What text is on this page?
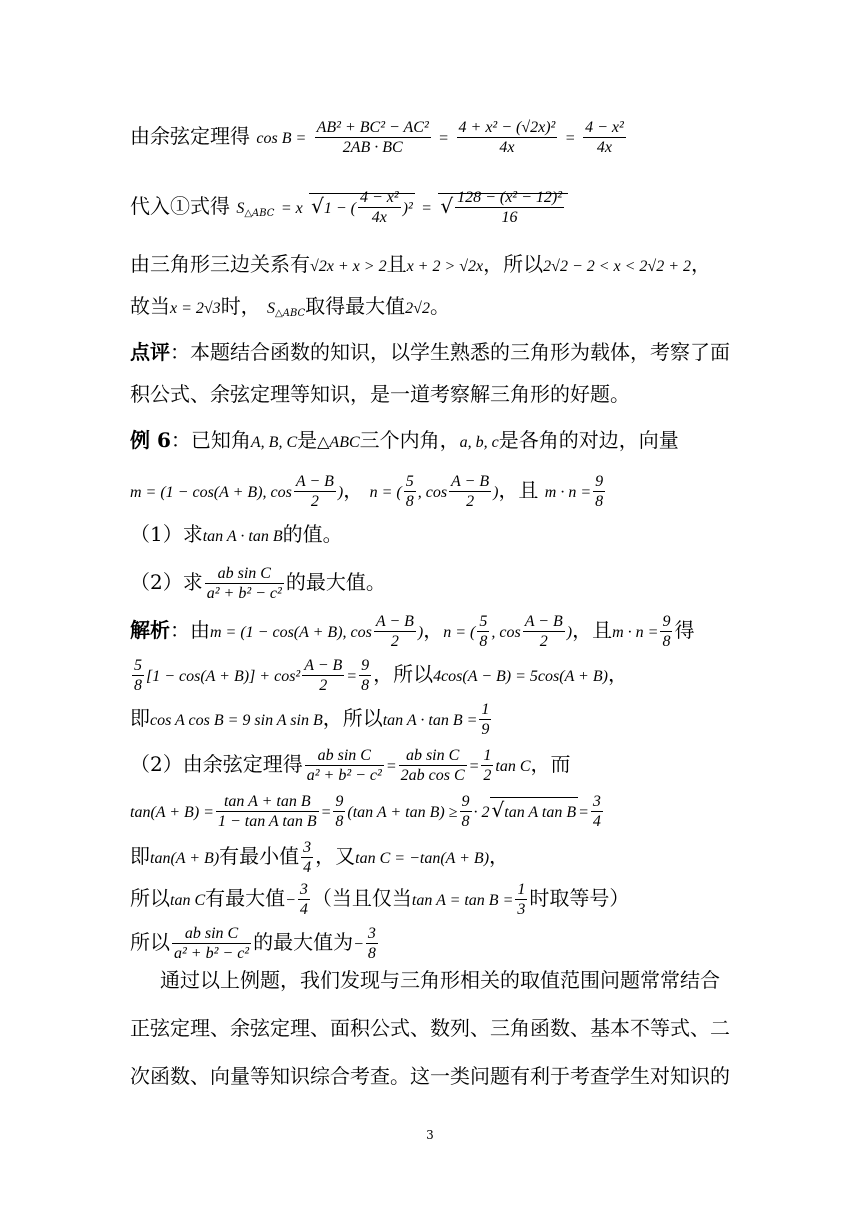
由余弦定理得 $\cos B = \frac{\text{AB² + BC² − AC²}}{2AB \cdot BC} = \frac{\text{4 + x² − (√2x)²}}{4x} = \frac{\text{4 − x²}}{4x}$
代入①式得 $S_{\triangle ABC} = x$ √1 − ( $\frac{\text{4 − x²}}{4x} )^2$ = √ $\frac{\text{128 − (x² − 12)²}}{16}$
由三角形三边关系有√2x + x > 2且x + 2 > √2x，所以2√2 − 2 < x < 2√2 + 2，
故当x = 2√3时， $S_{\triangle ABC}$取得最大值2√2。
点评：本题结合函数的知识，以学生熟悉的三角形为载体，考察了面
积公式、余弦定理等知识，是一道考察解三角形的好题。
例 6：已知角A, B, C是△ABC三个内角，a, b, c是各角的对边，向量
m = (1 − cos(A + B), $\cos \frac{A - B}{2}$ )， n = ( $\frac{5}{8}$ , $\cos \frac{A - B}{2}$ )，且 $m \cdot n = \frac{9}{8}$
（1）求tan A · tan B的值。
（2）求 $\frac{\text{ab sin C}}{\text{a² + b² − c²}}$ 的最大值。
解析：由m = (1 − cos(A + B), $\cos \frac{A - B}{2}$ )，n = ( $\frac{5}{8}$ , $\cos \frac{A - B}{2}$ )，且$m \cdot n = \frac{9}{8}$ 得
$\frac{5}{8} [1 - \cos(A + B)] + \cos^2 \frac{A - B}{2} = \frac{9}{8}$ ，所以4cos(A − B) = 5cos(A + B)，
即cos A cos B = 9 sin A sin B，所以$\tan A \cdot \tan B = \frac{1}{9}$
（2）由余弦定理得 $\frac{\text{ab sin C}}{\text{a² + b² − c²}} = \frac{\text{ab sin C}}{\text{2ab cos C}} = \frac{1}{2}$ tan C，而
$\tan(A + B) = \frac{\text{tan A + tan B}}{\text{1 − tan A tan B}} = \frac{9}{8} (\tan$ $A + \tan B) \ge \frac{9}{8} \cdot 2$ √tan A $\tan B = \frac{3}{4}$
即tan(A + B)有最小值 $\frac{3}{4}$ ，又tan C = −tan(A + B)，
所以tan C有最大值− $\frac{3}{4}$ （当且仅当$\tan A = \tan B = \frac{1}{3}$ 时取等号）
所以 $\frac{\text{ab sin C}}{\text{a² + b² − c²}}$ 的最大值为− $\frac{3}{8}$
通过以上例题，我们发现与三角形相关的取值范围问题常常结合
正弦定理、余弦定理、面积公式、数列、三角函数、基本不等式、二
次函数、向量等知识综合考查。这一类问题有利于考查学生对知识的
3
